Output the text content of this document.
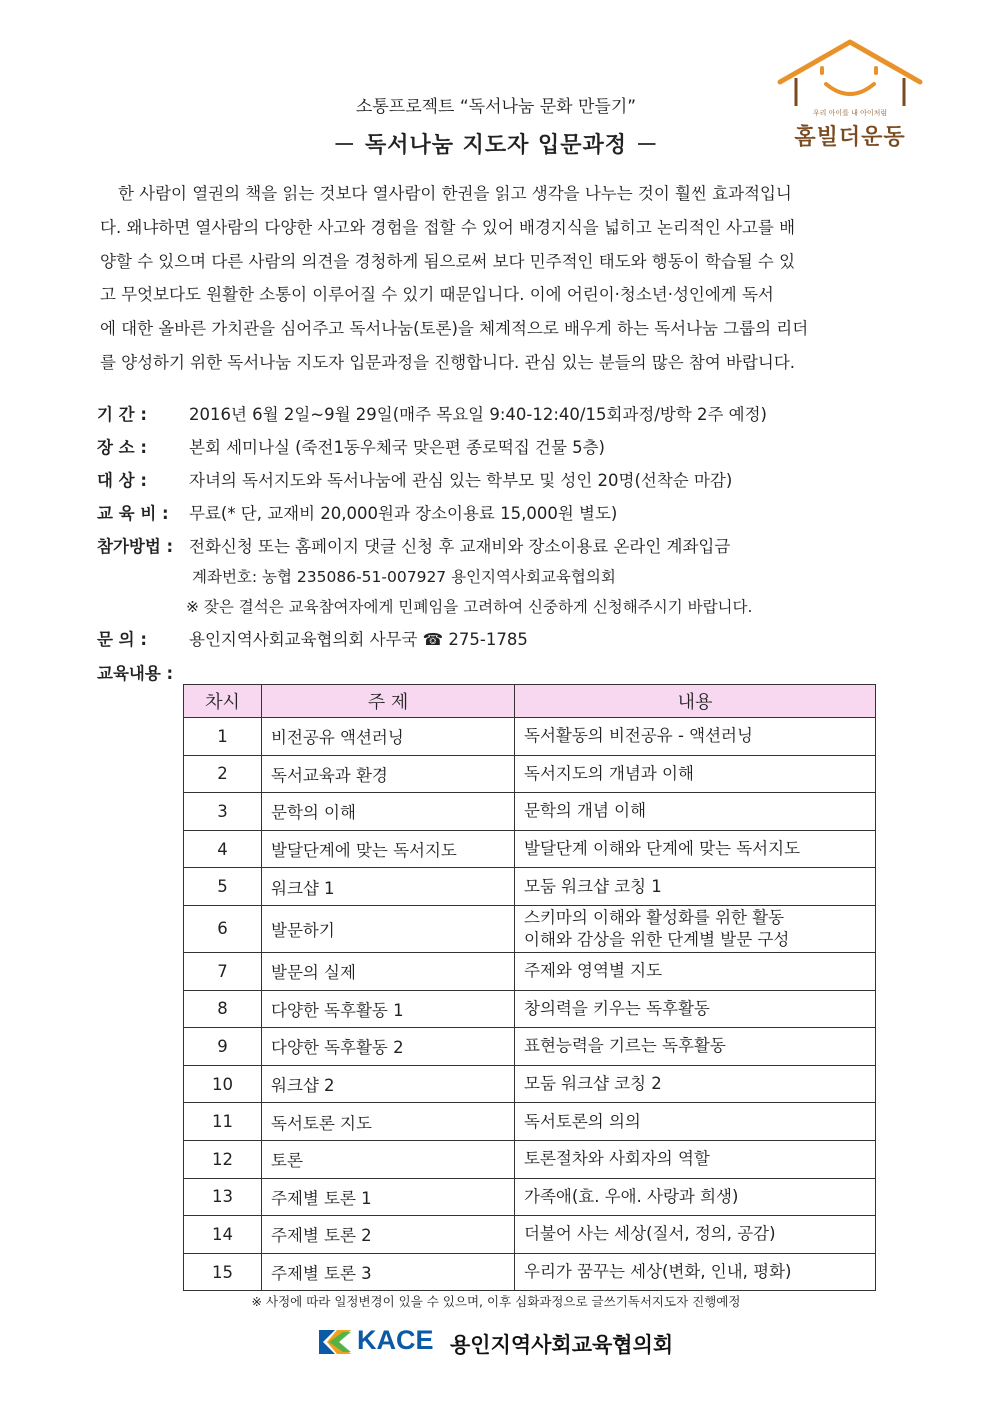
우리 아이를 내 아이처럼
홈빌더운동
소통프로젝트 “독서나눔 문화 만들기”
－ 독서나눔 지도자 입문과정 －
한 사람이 열권의 책을 읽는 것보다 열사람이 한권을 읽고 생각을 나누는 것이 훨씬 효과적입니
다. 왜냐하면 열사람의 다양한 사고와 경험을 접할 수 있어 배경지식을 넓히고 논리적인 사고를 배
양할 수 있으며 다른 사람의 의견을 경청하게 됨으로써 보다 민주적인 태도와 행동이 학습될 수 있
고 무엇보다도 원활한 소통이 이루어질 수 있기 때문입니다. 이에 어린이·청소년·성인에게 독서
에 대한 올바른 가치관을 심어주고 독서나눔(토론)을 체계적으로 배우게 하는 독서나눔 그룹의 리더
를 양성하기 위한 독서나눔 지도자 입문과정을 진행합니다. 관심 있는 분들의 많은 참여 바랍니다.
기 간 :	2016년 6월 2일~9월 29일(매주 목요일 9:40-12:40/15회과정/방학 2주 예정)
장 소 :	본회 세미나실 (죽전1동우체국 맞은편 종로떡집 건물 5층)
대 상 :	자녀의 독서지도와 독서나눔에 관심 있는 학부모 및 성인 20명(선착순 마감)
교 육 비 : 무료(* 단, 교재비 20,000원과 장소이용료 15,000원 별도)
참가방법 : 전화신청 또는 홈페이지 댓글 신청 후 교재비와 장소이용료 온라인 계좌입금
계좌번호: 농협 235086-51-007927 용인지역사회교육협의회
※ 잦은 결석은 교육참여자에게 민폐임을 고려하여 신중하게 신청해주시기 바랍니다.
문 의 :	용인지역사회교육협의회 사무국 ☎ 275-1785
교육내용 :
차시	주 제	내용
1	비전공유 액션러닝	독서활동의 비전공유 - 액션러닝
2	독서교육과 환경	독서지도의 개념과 이해
3	문학의 이해	문학의 개념 이해
4	발달단계에 맞는 독서지도	발달단계 이해와 단계에 맞는 독서지도
5	워크샵 1	모둠 워크샵 코칭 1
6	발문하기	스키마의 이해와 활성화를 위한 활동
이해와 감상을 위한 단계별 발문 구성

7	발문의 실제	주제와 영역별 지도
8	다양한 독후활동 1	창의력을 키우는 독후활동
9	다양한 독후활동 2	표현능력을 기르는 독후활동
10	워크샵 2	모둠 워크샵 코칭 2
11	독서토론 지도	독서토론의 의의
12	토론	토론절차와 사회자의 역할
13	주제별 토론 1	가족애(효. 우애. 사랑과 희생)
14	주제별 토론 2	더불어 사는 세상(질서, 정의, 공감)
15	주제별 토론 3	우리가 꿈꾸는 세상(변화, 인내, 평화)
※ 사정에 따라 일정변경이 있을 수 있으며, 이후 심화과정으로 글쓰기독서지도자 진행예정
KACE 용인지역사회교육협의회
